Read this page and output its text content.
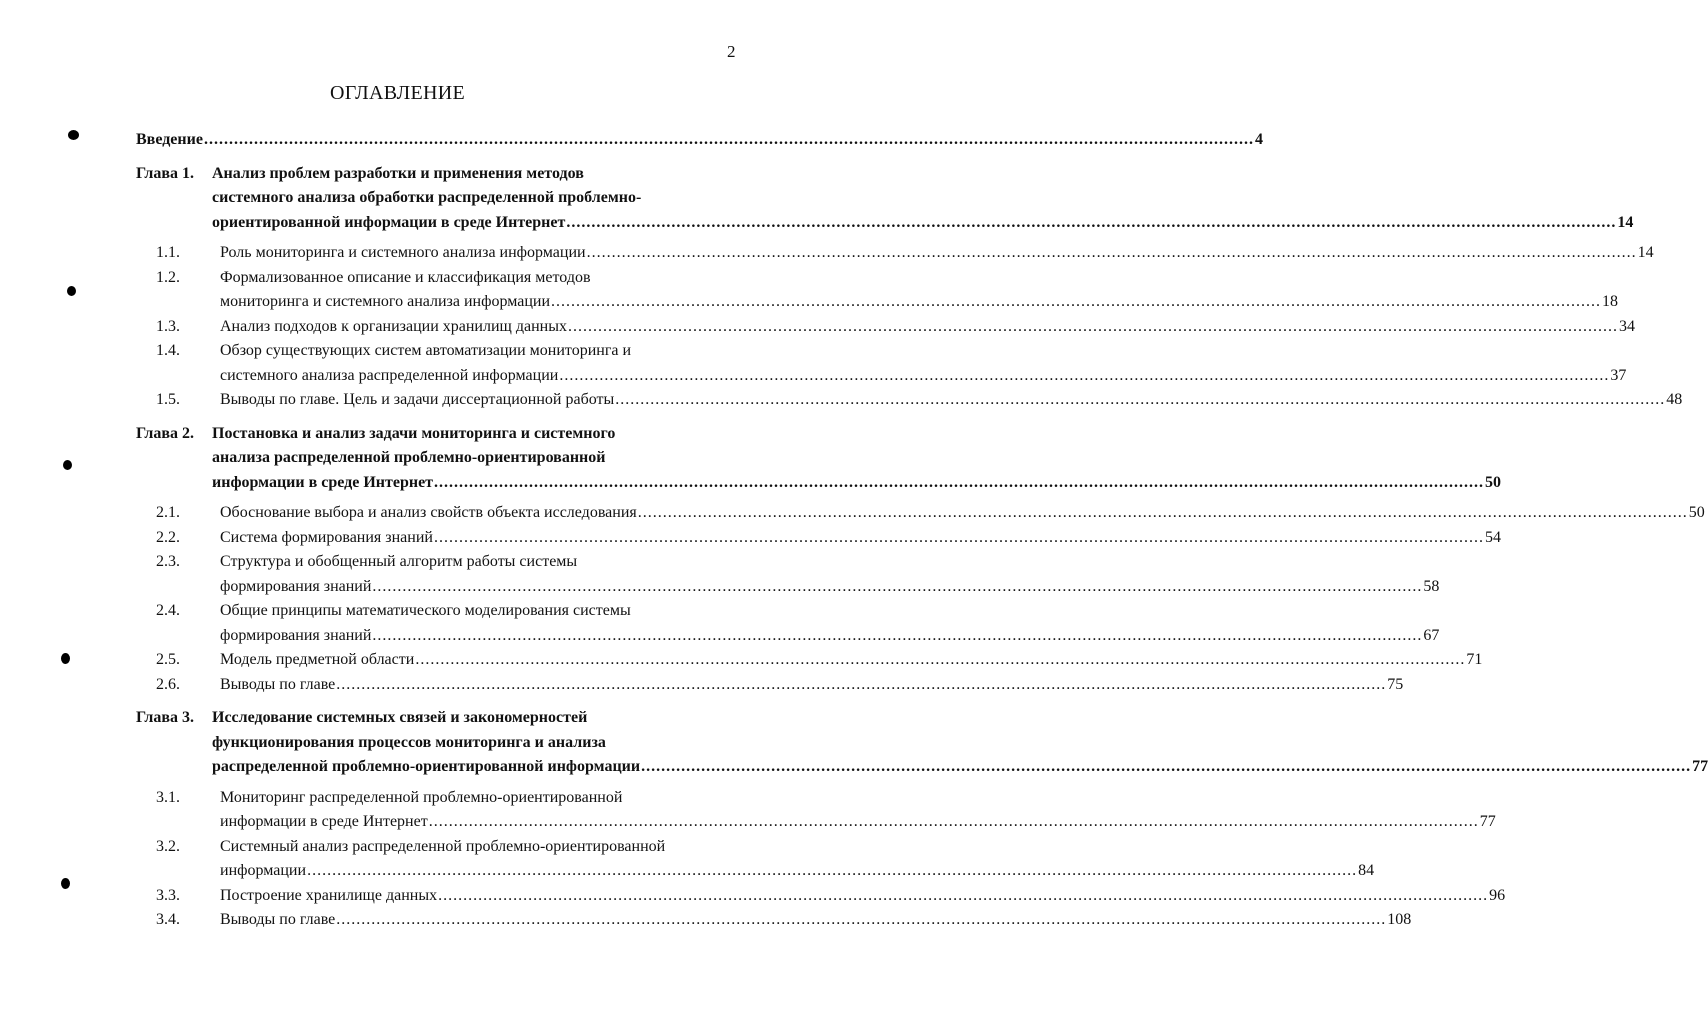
2
ОГЛАВЛЕНИЕ
Введение .....	4
Глава 1.	Анализ проблем разработки и применения методов
системного анализа обработки распределенной проблемно-
ориентированной информации в среде Интернет .....	14
1.1.	Роль мониторинга и системного анализа информации .....	14
1.2.	Формализованное описание и классификация методов
мониторинга и системного анализа информации .....	18
1.3.	Анализ подходов к организации хранилищ данных .....	34
1.4.	Обзор существующих систем автоматизации мониторинга и
системного анализа распределенной информации .....	37
1.5.	Выводы по главе. Цель и задачи диссертационной работы .....	48
Глава 2.	Постановка и анализ задачи мониторинга и системного
анализа распределенной проблемно-ориентированной
информации в среде Интернет .....	50
2.1.	Обоснование выбора и анализ свойств объекта исследования .....	50
2.2.	Система формирования знаний .....	54
2.3.	Структура и обобщенный алгоритм работы системы
формирования знаний .....	58
2.4.	Общие принципы математического моделирования системы
формирования знаний .....	67
2.5.	Модель предметной области .....	71
2.6.	Выводы по главе .....	75
Глава 3.	Исследование системных связей и закономерностей
функционирования процессов мониторинга и анализа
распределенной проблемно-ориентированной информации .....	77
3.1.	Мониторинг распределенной проблемно-ориентированной
информации в среде Интернет .....	77
3.2.	Системный анализ распределенной проблемно-ориентированной
информации .....	84
3.3.	Построение хранилище данных .....	96
3.4.	Выводы по главе .....	108
